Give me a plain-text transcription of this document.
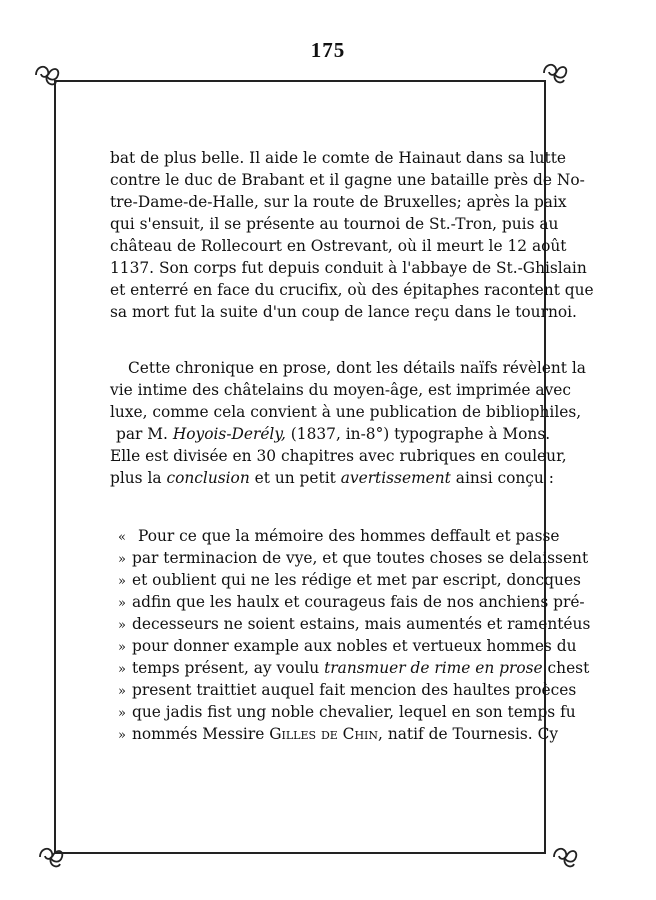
175
bat de plus belle. Il aide le comte de Hainaut dans sa lutte
contre le duc de Brabant et il gagne une bataille près de No-
tre-Dame-de-Halle, sur la route de Bruxelles; après la paix
qui s'ensuit, il se présente au tournoi de St.-Tron, puis au
château de Rollecourt en Ostrevant, où il meurt le 12 août
1137. Son corps fut depuis conduit à l'abbaye de St.-Ghislain
et enterré en face du crucifix, où des épitaphes racontent que
sa mort fut la suite d'un coup de lance reçu dans le tournoi.
Cette chronique en prose, dont les détails naïfs révèlent la
vie intime des châtelains du moyen-âge, est imprimée avec
luxe, comme cela convient à une publication de bibliophiles,
par M. Hoyois-Derély, (1837, in-8°) typographe à Mons.
Elle est divisée en 30 chapitres avec rubriques en couleur,
plus la conclusion et un petit avertissement ainsi conçu :
« Pour ce que la mémoire des hommes deffault et passe
» par terminacion de vye, et que toutes choses se delaissent
» et oublient qui ne les rédige et met par escript, doncques
» adfin que les haulx et courageus fais de nos anchiens pré-
» decesseurs ne soient estains, mais aumentés et ramentéus
» pour donner example aux nobles et vertueux hommes du
» temps présent, ay voulu transmuer de rime en prose chest
» present traittiet auquel fait mencion des haultes proèces
» que jadis fist ung noble chevalier, lequel en son temps fu
» nommés Messire Gilles de Chin, natif de Tournesis. Cy
